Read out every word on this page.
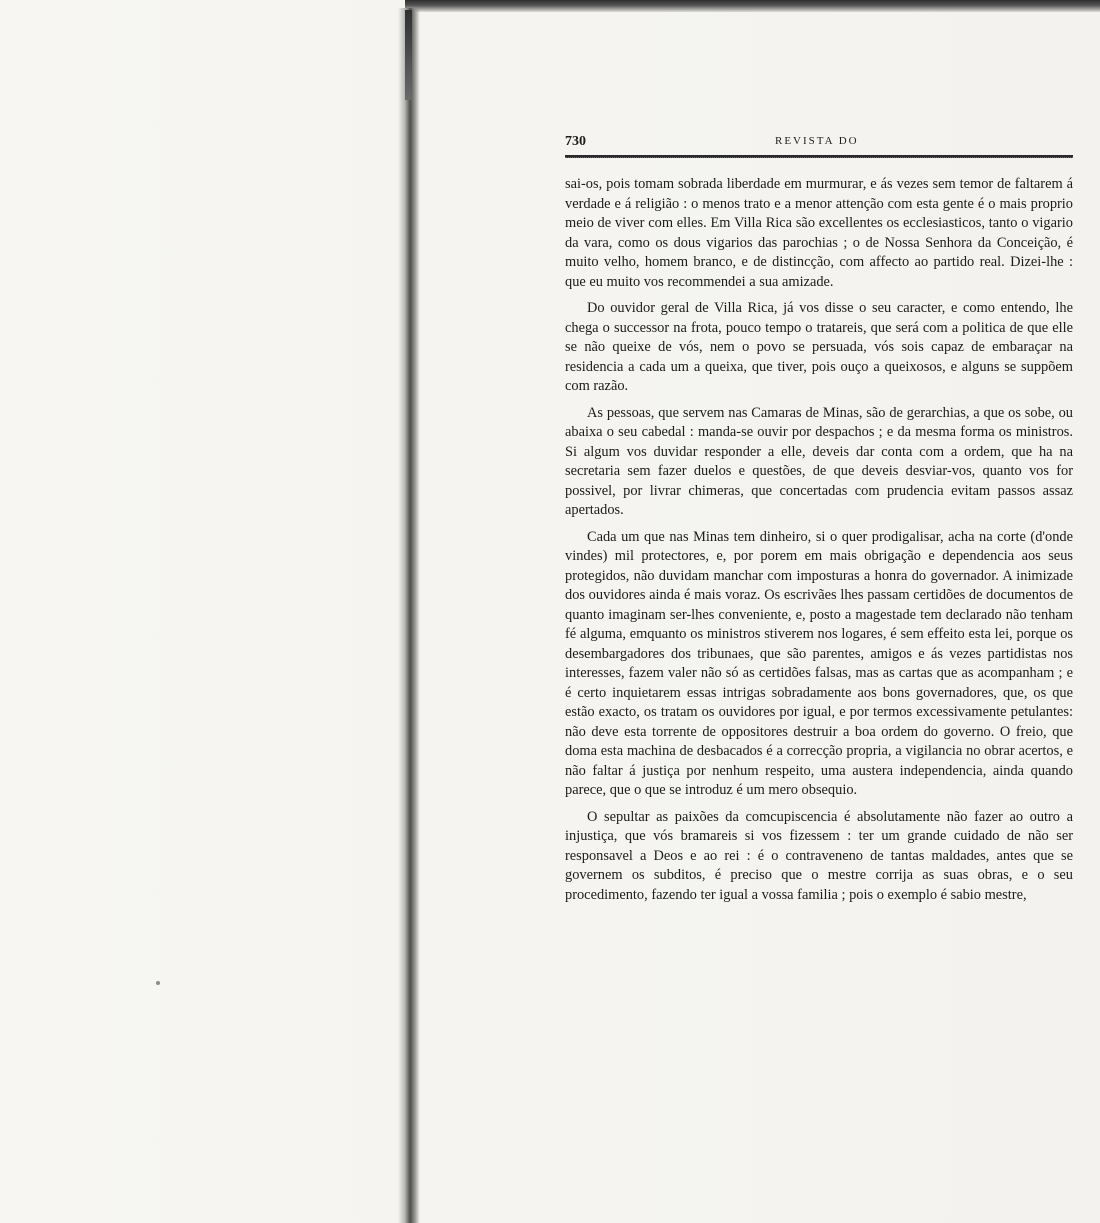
730	REVISTA DO

sai-os, pois tomam sobrada liberdade em murmurar, e ás vezes sem temor de faltarem á verdade e á religião : o menos trato e a menor attenção com esta gente é o mais proprio meio de viver com elles. Em Villa Rica são excellentes os ecclesiasticos, tanto o vigario da vara, como os dous vigarios das parochias ; o de Nossa Senhora da Conceição, é muito velho, homem branco, e de distincção, com affecto ao partido real. Dizei-lhe : que eu muito vos recommendei a sua amizade.

Do ouvidor geral de Villa Rica, já vos disse o seu caracter, e como entendo, lhe chega o successor na frota, pouco tempo o tratareis, que será com a politica de que elle se não queixe de vós, nem o povo se persuada, vós sois capaz de embaraçar na residencia a cada um a queixa, que tiver, pois ouço a queixosos, e alguns se suppõem com razão.

As pessoas, que servem nas Camaras de Minas, são de gerarchias, a que os sobe, ou abaixa o seu cabedal : manda-se ouvir por despachos ; e da mesma forma os ministros. Si algum vos duvidar responder a elle, deveis dar conta com a ordem, que ha na secretaria sem fazer duelos e questões, de que deveis desviar-vos, quanto vos for possivel, por livrar chimeras, que concertadas com prudencia evitam passos assaz apertados.

Cada um que nas Minas tem dinheiro, si o quer prodigalisar, acha na corte (d'onde vindes) mil protectores, e, por porem em mais obrigação e dependencia aos seus protegidos, não duvidam manchar com imposturas a honra do governador. A inimizade dos ouvidores ainda é mais voraz. Os escrivães lhes passam certidões de documentos de quanto imaginam ser-lhes conveniente, e, posto a magestade tem declarado não tenham fé alguma, emquanto os ministros stiverem nos logares, é sem effeito esta lei, porque os desembargadores dos tribunaes, que são parentes, amigos e ás vezes partidistas nos interesses, fazem valer não só as certidões falsas, mas as cartas que as acompanham ; e é certo inquietarem essas intrigas sobradamente aos bons governadores, que, os que estão exacto, os tratam os ouvidores por igual, e por termos excessivamente petulantes: não deve esta torrente de oppositores destruir a boa ordem do governo. O freio, que doma esta machina de desbacados é a correcção propria, a vigilancia no obrar acertos, e não faltar á justiça por nenhum respeito, uma austera independencia, ainda quando parece, que o que se introduz é um mero obsequio.

O sepultar as paixões da comcupiscencia é absolutamente não fazer ao outro a injustiça, que vós bramareis si vos fizessem : ter um grande cuidado de não ser responsavel a Deos e ao rei : é o contraveneno de tantas maldades, antes que se governem os subditos, é preciso que o mestre corrija as suas obras, e o seu procedimento, fazendo ter igual a vossa familia ; pois o exemplo é sabio mestre,
